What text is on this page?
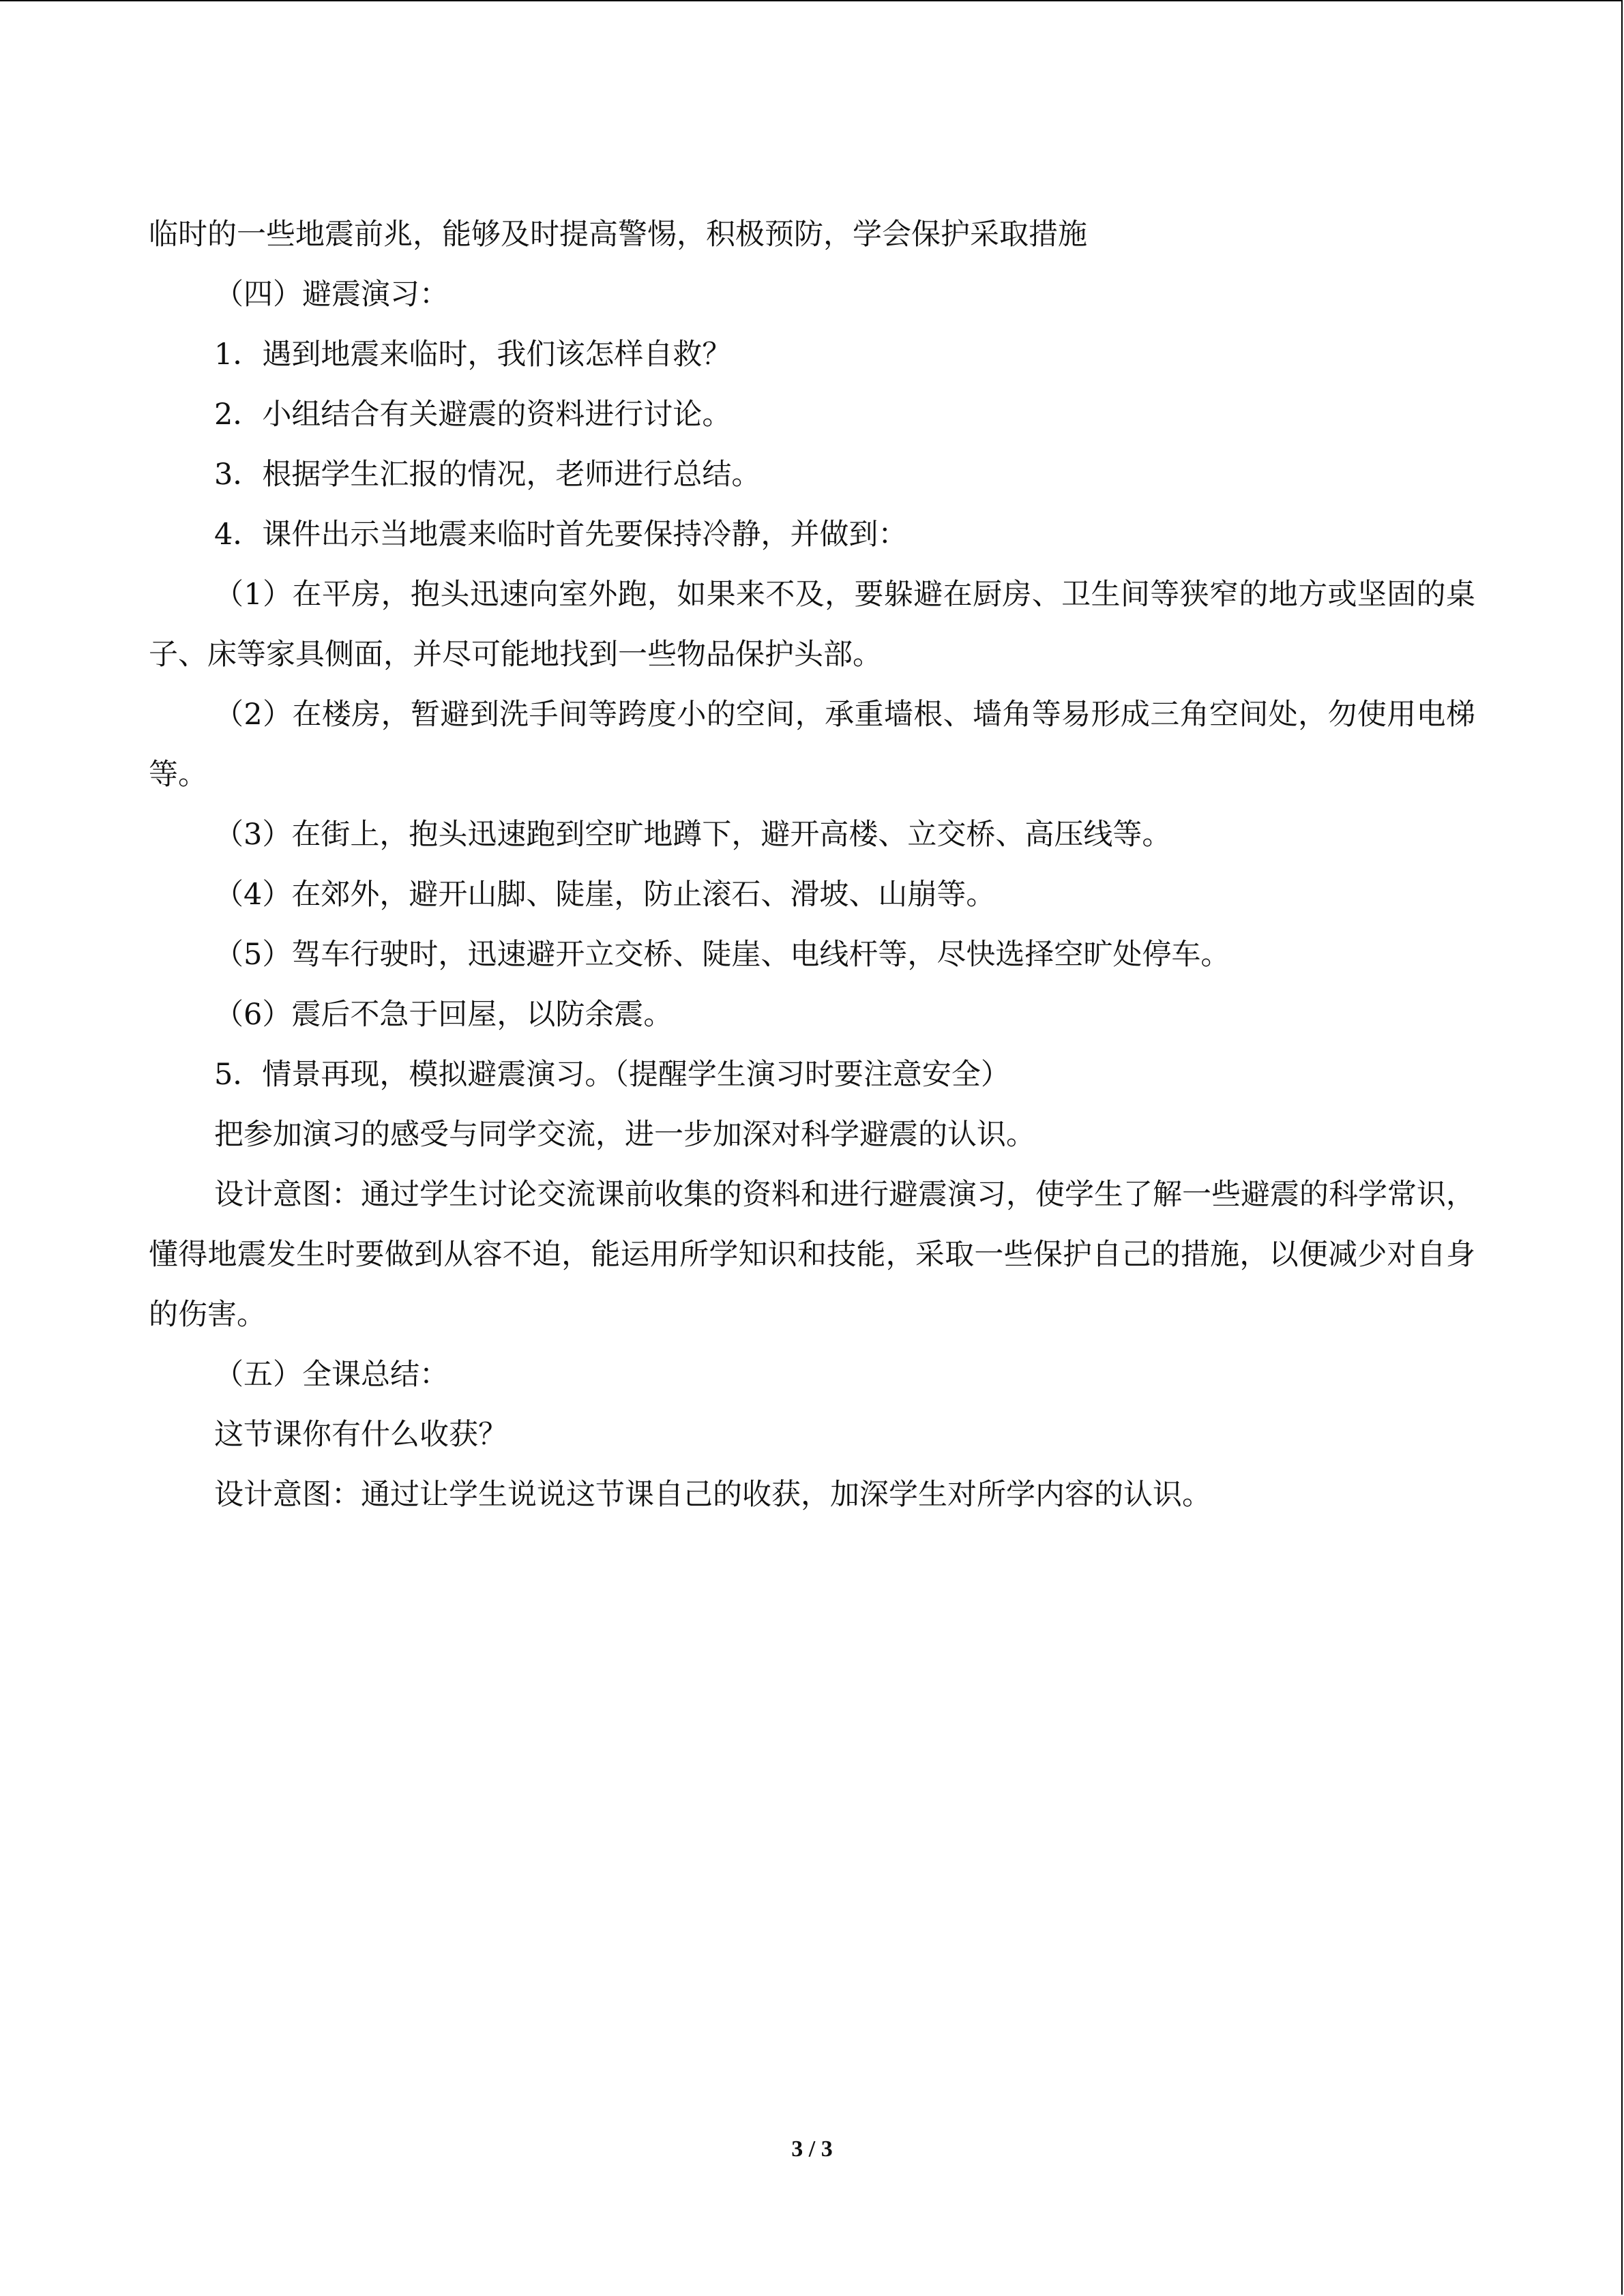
临时的一些地震前兆，能够及时提高警惕，积极预防，学会保护采取措施

（四）避震演习：

1．遇到地震来临时，我们该怎样自救？

2．小组结合有关避震的资料进行讨论。

3．根据学生汇报的情况，老师进行总结。

4．课件出示当地震来临时首先要保持冷静，并做到：

（1）在平房，抱头迅速向室外跑，如果来不及，要躲避在厨房、卫生间等狭窄的地方或坚固的桌子、床等家具侧面，并尽可能地找到一些物品保护头部。

（2）在楼房，暂避到洗手间等跨度小的空间，承重墙根、墙角等易形成三角空间处，勿使用电梯等。

（3）在街上，抱头迅速跑到空旷地蹲下，避开高楼、立交桥、高压线等。

（4）在郊外，避开山脚、陡崖，防止滚石、滑坡、山崩等。

（5）驾车行驶时，迅速避开立交桥、陡崖、电线杆等，尽快选择空旷处停车。

（6）震后不急于回屋，以防余震。

5．情景再现，模拟避震演习。（提醒学生演习时要注意安全）

把参加演习的感受与同学交流，进一步加深对科学避震的认识。

设计意图：通过学生讨论交流课前收集的资料和进行避震演习，使学生了解一些避震的科学常识，懂得地震发生时要做到从容不迫，能运用所学知识和技能，采取一些保护自己的措施，以便减少对自身的伤害。

（五）全课总结：

这节课你有什么收获？

设计意图：通过让学生说说这节课自己的收获，加深学生对所学内容的认识。

3 / 3
